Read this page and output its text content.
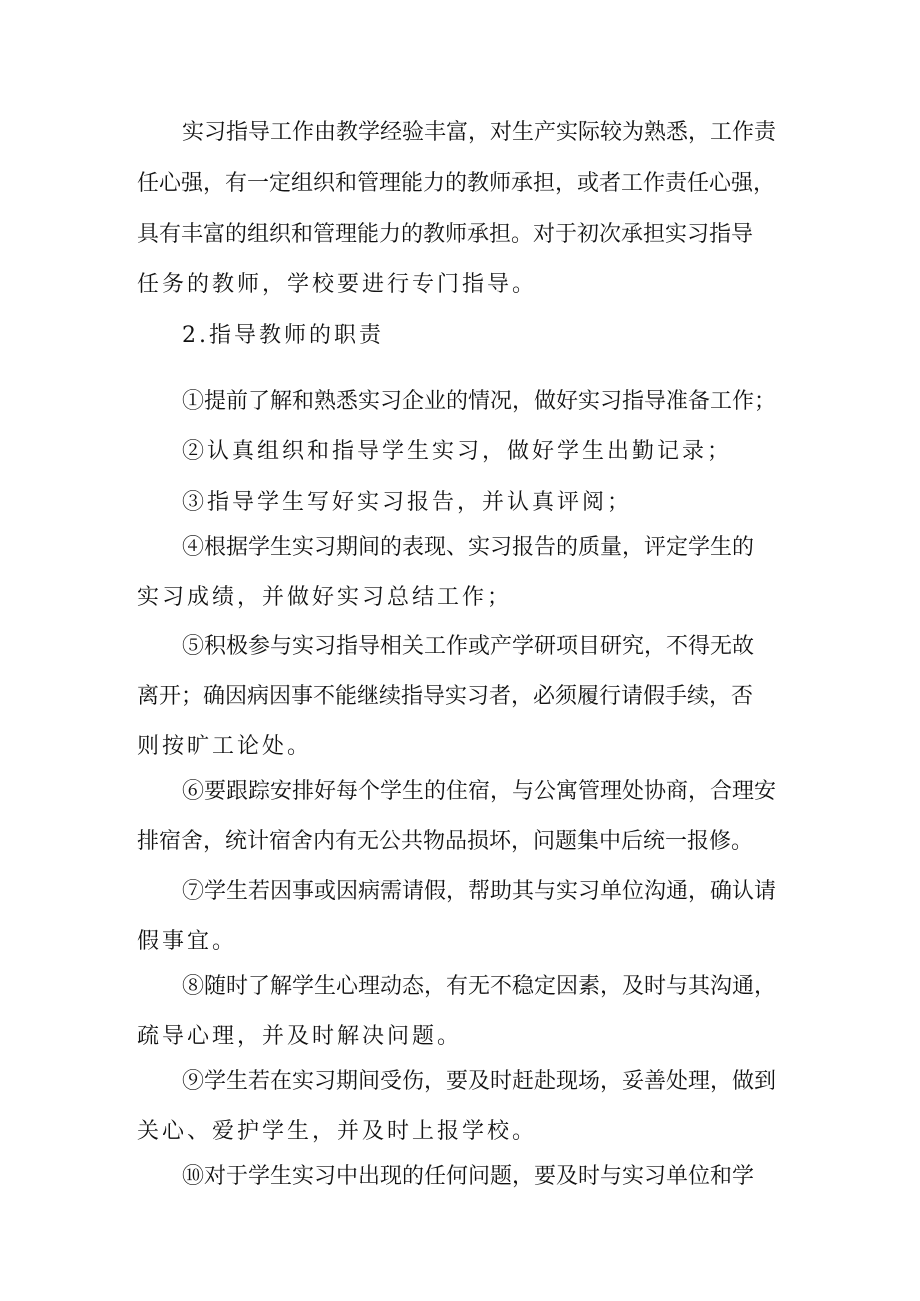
实习指导工作由教学经验丰富，对生产实际较为熟悉，工作责
任心强，有一定组织和管理能力的教师承担，或者工作责任心强，
具有丰富的组织和管理能力的教师承担。对于初次承担实习指导
任务的教师，学校要进行专门指导。
2.指导教师的职责
①提前了解和熟悉实习企业的情况，做好实习指导准备工作；
②认真组织和指导学生实习，做好学生出勤记录；
③指导学生写好实习报告，并认真评阅；
④根据学生实习期间的表现、实习报告的质量，评定学生的
实习成绩，并做好实习总结工作；
⑤积极参与实习指导相关工作或产学研项目研究，不得无故
离开；确因病因事不能继续指导实习者，必须履行请假手续，否
则按旷工论处。
⑥要跟踪安排好每个学生的住宿，与公寓管理处协商，合理安
排宿舍，统计宿舍内有无公共物品损坏，问题集中后统一报修。
⑦学生若因事或因病需请假，帮助其与实习单位沟通，确认请
假事宜。
⑧随时了解学生心理动态，有无不稳定因素，及时与其沟通，
疏导心理，并及时解决问题。
⑨学生若在实习期间受伤，要及时赶赴现场，妥善处理，做到
关心、爱护学生，并及时上报学校。
⑩对于学生实习中出现的任何问题，要及时与实习单位和学
